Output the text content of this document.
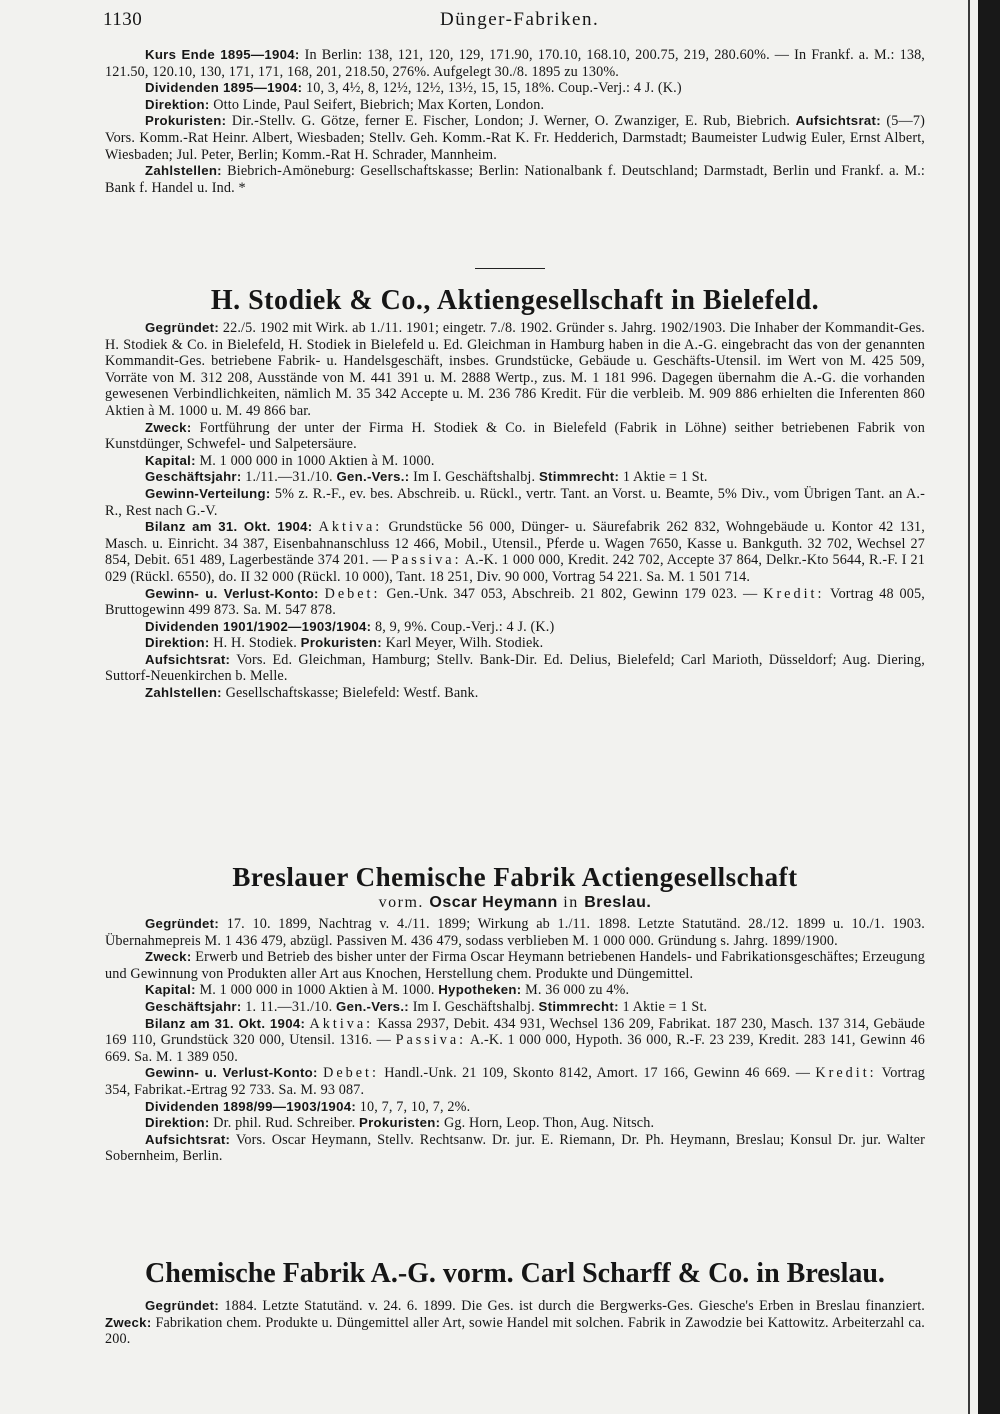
1130	Dünger-Fabriken.

Kurs Ende 1895—1904: In Berlin: 138, 121, 120, 129, 171.90, 170.10, 168.10, 200.75, 219, 280.60%. — In Frankf. a. M.: 138, 121.50, 120.10, 130, 171, 171, 168, 201, 218.50, 276%. Aufgelegt 30./8. 1895 zu 130%.

Dividenden 1895—1904: 10, 3, 4½, 8, 12½, 12½, 13½, 15, 15, 18%. Coup.-Verj.: 4 J. (K.)

Direktion: Otto Linde, Paul Seifert, Biebrich; Max Korten, London.

Prokuristen: Dir.-Stellv. G. Götze, ferner E. Fischer, London; J. Werner, O. Zwanziger, E. Rub, Biebrich. Aufsichtsrat: (5—7) Vors. Komm.-Rat Heinr. Albert, Wiesbaden; Stellv. Geh. Komm.-Rat K. Fr. Hedderich, Darmstadt; Baumeister Ludwig Euler, Ernst Albert, Wiesbaden; Jul. Peter, Berlin; Komm.-Rat H. Schrader, Mannheim.

Zahlstellen: Biebrich-Amöneburg: Gesellschaftskasse; Berlin: Nationalbank f. Deutschland; Darmstadt, Berlin und Frankf. a. M.: Bank f. Handel u. Ind. *

H. Stodiek & Co., Aktiengesellschaft in Bielefeld.

Gegründet: 22./5. 1902 mit Wirk. ab 1./11. 1901; eingetr. 7./8. 1902. Gründer s. Jahrg. 1902/1903. Die Inhaber der Kommandit-Ges. H. Stodiek & Co. in Bielefeld, H. Stodiek in Bielefeld u. Ed. Gleichman in Hamburg haben in die A.-G. eingebracht das von der genannten Kommandit-Ges. betriebene Fabrik- u. Handelsgeschäft, insbes. Grundstücke, Gebäude u. Geschäfts-Utensil. im Wert von M. 425 509, Vorräte von M. 312 208, Ausstände von M. 441 391 u. M. 2888 Wertp., zus. M. 1 181 996. Dagegen übernahm die A.-G. die vorhanden gewesenen Verbindlichkeiten, nämlich M. 35 342 Accepte u. M. 236 786 Kredit. Für die verbleib. M. 909 886 erhielten die Inferenten 860 Aktien à M. 1000 u. M. 49 866 bar.

Zweck: Fortführung der unter der Firma H. Stodiek & Co. in Bielefeld (Fabrik in Löhne) seither betriebenen Fabrik von Kunstdünger, Schwefel- und Salpetersäure.

Kapital: M. 1 000 000 in 1000 Aktien à M. 1000.

Geschäftsjahr: 1./11.—31./10. Gen.-Vers.: Im I. Geschäftshalbj. Stimmrecht: 1 Aktie = 1 St.

Gewinn-Verteilung: 5% z. R.-F., ev. bes. Abschreib. u. Rückl., vertr. Tant. an Vorst. u. Beamte, 5% Div., vom Übrigen Tant. an A.-R., Rest nach G.-V.

Bilanz am 31. Okt. 1904: Aktiva: Grundstücke 56 000, Dünger- u. Säurefabrik 262 832, Wohngebäude u. Kontor 42 131, Masch. u. Einricht. 34 387, Eisenbahnanschluss 12 466, Mobil., Utensil., Pferde u. Wagen 7650, Kasse u. Bankguth. 32 702, Wechsel 27 854, Debit. 651 489, Lagerbestände 374 201. — Passiva: A.-K. 1 000 000, Kredit. 242 702, Accepte 37 864, Delkr.-Kto 5644, R.-F. I 21 029 (Rückl. 6550), do. II 32 000 (Rückl. 10 000), Tant. 18 251, Div. 90 000, Vortrag 54 221. Sa. M. 1 501 714.

Gewinn- u. Verlust-Konto: Debet: Gen.-Unk. 347 053, Abschreib. 21 802, Gewinn 179 023. — Kredit: Vortrag 48 005, Bruttogewinn 499 873. Sa. M. 547 878.

Dividenden 1901/1902—1903/1904: 8, 9, 9%. Coup.-Verj.: 4 J. (K.)

Direktion: H. H. Stodiek. Prokuristen: Karl Meyer, Wilh. Stodiek.

Aufsichtsrat: Vors. Ed. Gleichman, Hamburg; Stellv. Bank-Dir. Ed. Delius, Bielefeld; Carl Marioth, Düsseldorf; Aug. Diering, Suttorf-Neuenkirchen b. Melle.

Zahlstellen: Gesellschaftskasse; Bielefeld: Westf. Bank.

Breslauer Chemische Fabrik Actiengesellschaft
vorm. Oscar Heymann in Breslau.

Gegründet: 17. 10. 1899, Nachtrag v. 4./11. 1899; Wirkung ab 1./11. 1898. Letzte Statutänd. 28./12. 1899 u. 10./1. 1903. Übernahmepreis M. 1 436 479, abzügl. Passiven M. 436 479, sodass verblieben M. 1 000 000. Gründung s. Jahrg. 1899/1900.

Zweck: Erwerb und Betrieb des bisher unter der Firma Oscar Heymann betriebenen Handels- und Fabrikationsgeschäftes; Erzeugung und Gewinnung von Produkten aller Art aus Knochen, Herstellung chem. Produkte und Düngemittel.

Kapital: M. 1 000 000 in 1000 Aktien à M. 1000. Hypotheken: M. 36 000 zu 4%.

Geschäftsjahr: 1. 11.—31./10. Gen.-Vers.: Im I. Geschäftshalbj. Stimmrecht: 1 Aktie = 1 St.

Bilanz am 31. Okt. 1904: Aktiva: Kassa 2937, Debit. 434 931, Wechsel 136 209, Fabrikat. 187 230, Masch. 137 314, Gebäude 169 110, Grundstück 320 000, Utensil. 1316. — Passiva: A.-K. 1 000 000, Hypoth. 36 000, R.-F. 23 239, Kredit. 283 141, Gewinn 46 669. Sa. M. 1 389 050.

Gewinn- u. Verlust-Konto: Debet: Handl.-Unk. 21 109, Skonto 8142, Amort. 17 166, Gewinn 46 669. — Kredit: Vortrag 354, Fabrikat.-Ertrag 92 733. Sa. M. 93 087.

Dividenden 1898/99—1903/1904: 10, 7, 7, 10, 7, 2%.

Direktion: Dr. phil. Rud. Schreiber. Prokuristen: Gg. Horn, Leop. Thon, Aug. Nitsch.

Aufsichtsrat: Vors. Oscar Heymann, Stellv. Rechtsanw. Dr. jur. E. Riemann, Dr. Ph. Heymann, Breslau; Konsul Dr. jur. Walter Sobernheim, Berlin.

Chemische Fabrik A.-G. vorm. Carl Scharff & Co. in Breslau.

Gegründet: 1884. Letzte Statutänd. v. 24. 6. 1899. Die Ges. ist durch die Bergwerks-Ges. Giesche's Erben in Breslau finanziert. Zweck: Fabrikation chem. Produkte u. Düngemittel aller Art, sowie Handel mit solchen. Fabrik in Zawodzie bei Kattowitz. Arbeiterzahl ca. 200.
